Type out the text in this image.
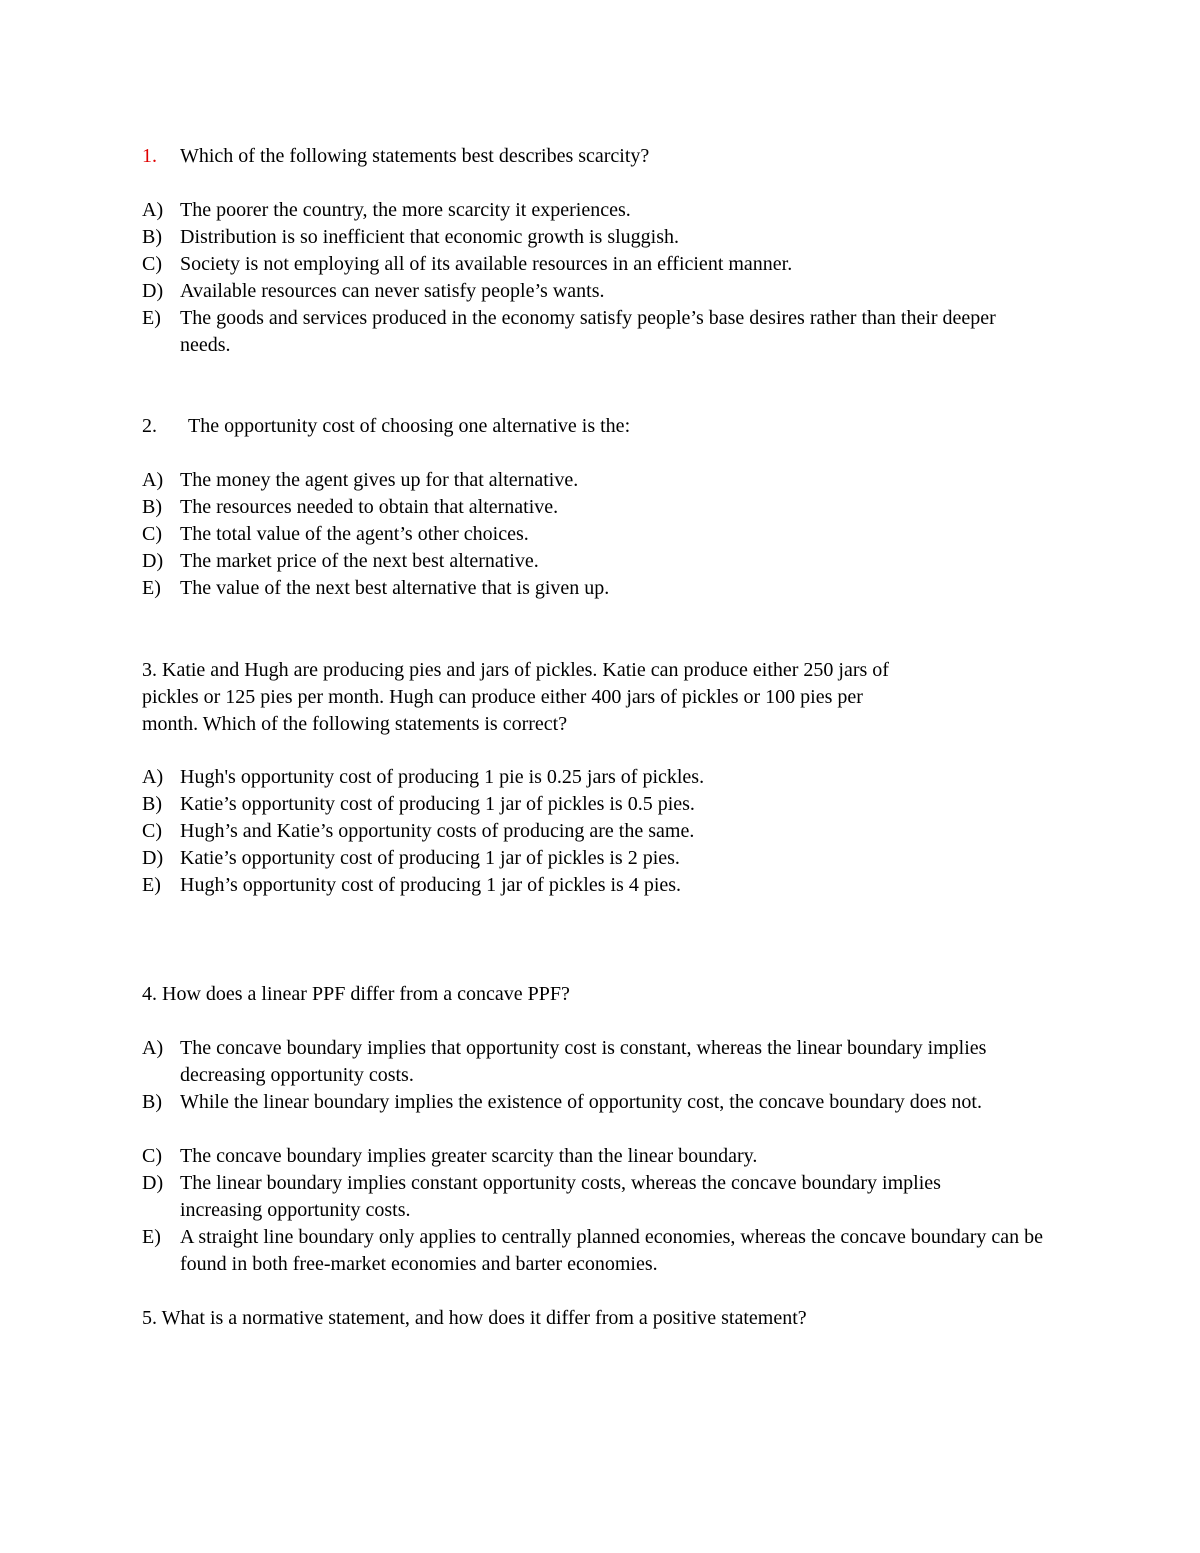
1. Which of the following statements best describes scarcity?
A) The poorer the country, the more scarcity it experiences.
B) Distribution is so inefficient that economic growth is sluggish.
C) Society is not employing all of its available resources in an efficient manner.
D) Available resources can never satisfy people’s wants.
E) The goods and services produced in the economy satisfy people’s base desires rather than their deeper needs.
2. The opportunity cost of choosing one alternative is the:
A) The money the agent gives up for that alternative.
B) The resources needed to obtain that alternative.
C) The total value of the agent’s other choices.
D) The market price of the next best alternative.
E) The value of the next best alternative that is given up.
3. Katie and Hugh are producing pies and jars of pickles. Katie can produce either 250 jars of
pickles or 125 pies per month. Hugh can produce either 400 jars of pickles or 100 pies per
month. Which of the following statements is correct?
A) Hugh's opportunity cost of producing 1 pie is 0.25 jars of pickles.
B) Katie’s opportunity cost of producing 1 jar of pickles is 0.5 pies.
C) Hugh’s and Katie’s opportunity costs of producing are the same.
D) Katie’s opportunity cost of producing 1 jar of pickles is 2 pies.
E) Hugh’s opportunity cost of producing 1 jar of pickles is 4 pies.
4. How does a linear PPF differ from a concave PPF?
A) The concave boundary implies that opportunity cost is constant, whereas the linear boundary implies decreasing opportunity costs.
B) While the linear boundary implies the existence of opportunity cost, the concave boundary does not.
C) The concave boundary implies greater scarcity than the linear boundary.
D) The linear boundary implies constant opportunity costs, whereas the concave boundary implies increasing opportunity costs.
E) A straight line boundary only applies to centrally planned economies, whereas the concave boundary can be found in both free-market economies and barter economies.
5. What is a normative statement, and how does it differ from a positive statement?
